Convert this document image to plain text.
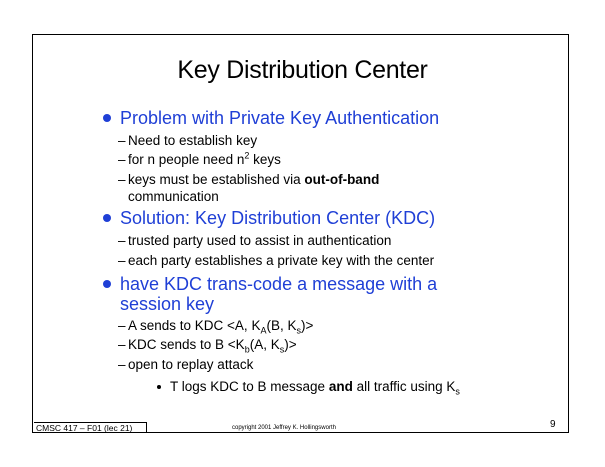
Key Distribution Center
Problem with Private Key Authentication
– Need to establish key
– for n people need $n^2$ keys
– keys must be established via out-of-band
communication
Solution: Key Distribution Center (KDC)
– trusted party used to assist in authentication
– each party establishes a private key with the center
have KDC trans-code a message with a
session key
– A sends to KDC <A, $K_A(B$, $K_s)>$
– KDC sends to $B <K_b(A$, $K_s)>$
– open to replay attack
T logs KDC to B message and all traffic using $K_s$
CMSC 417 – F01 (lec 21)	copyright 2001 Jeffrey K. Hollingsworth	9
